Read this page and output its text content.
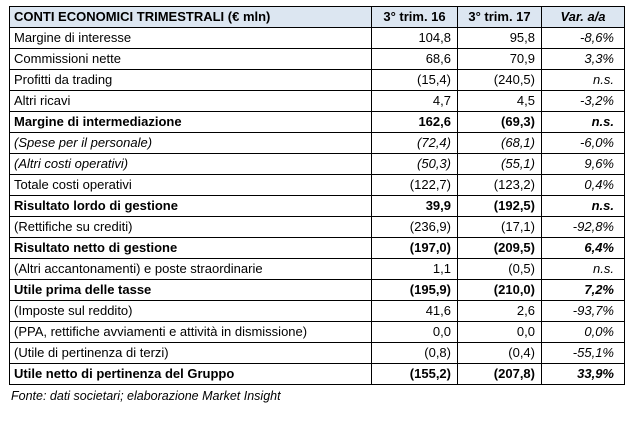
CONTI ECONOMICI TRIMESTRALI (€ mln)	3° trim. 16	3° trim. 17	Var. a/a
Margine di interesse	104,8	95,8	-8,6%
Commissioni nette	68,6	70,9	3,3%
Profitti da trading	(15,4)	(240,5)	n.s.
Altri ricavi	4,7	4,5	-3,2%
Margine di intermediazione	162,6	(69,3)	n.s.
(Spese per il personale)	(72,4)	(68,1)	-6,0%
(Altri costi operativi)	(50,3)	(55,1)	9,6%
Totale costi operativi	(122,7)	(123,2)	0,4%
Risultato lordo di gestione	39,9	(192,5)	n.s.
(Rettifiche su crediti)	(236,9)	(17,1)	-92,8%
Risultato netto di gestione	(197,0)	(209,5)	6,4%
(Altri accantonamenti) e poste straordinarie	1,1	(0,5)	n.s.
Utile prima delle tasse	(195,9)	(210,0)	7,2%
(Imposte sul reddito)	41,6	2,6	-93,7%
(PPA, rettifiche avviamenti e attività in dismissione)	0,0	0,0	0,0%
(Utile di pertinenza di terzi)	(0,8)	(0,4)	-55,1%
Utile netto di pertinenza del Gruppo	(155,2)	(207,8)	33,9%
Fonte: dati societari; elaborazione Market Insight
